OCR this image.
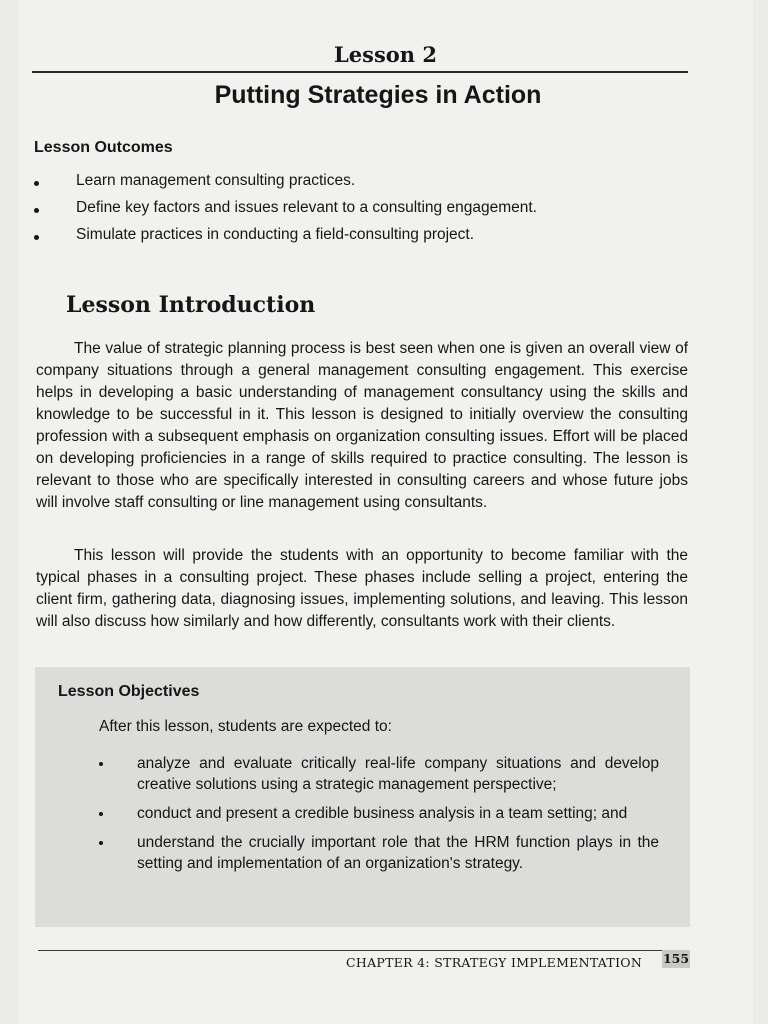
Lesson 2
Putting Strategies in Action
Lesson Outcomes
Learn management consulting practices.
Define key factors and issues relevant to a consulting engagement.
Simulate practices in conducting a field-consulting project.
Lesson Introduction

The value of strategic planning process is best seen when one is given an overall view of company situations through a general management consulting engagement. This exercise helps in developing a basic understanding of management consultancy using the skills and knowledge to be successful in it. This lesson is designed to initially overview the consulting profession with a subsequent emphasis on organization consulting issues. Effort will be placed on developing proficiencies in a range of skills required to practice consulting. The lesson is relevant to those who are specifically interested in consulting careers and whose future jobs will involve staff consulting or line management using consultants.

This lesson will provide the students with an opportunity to become familiar with the typical phases in a consulting project. These phases include selling a project, entering the client firm, gathering data, diagnosing issues, implementing solutions, and leaving. This lesson will also discuss how similarly and how differently, consultants work with their clients.

Lesson Objectives
After this lesson, students are expected to:
analyze and evaluate critically real-life company situations and develop creative solutions using a strategic management perspective;
conduct and present a credible business analysis in a team setting; and
understand the crucially important role that the HRM function plays in the setting and implementation of an organization's strategy.
CHAPTER 4: STRATEGY IMPLEMENTATION 155
